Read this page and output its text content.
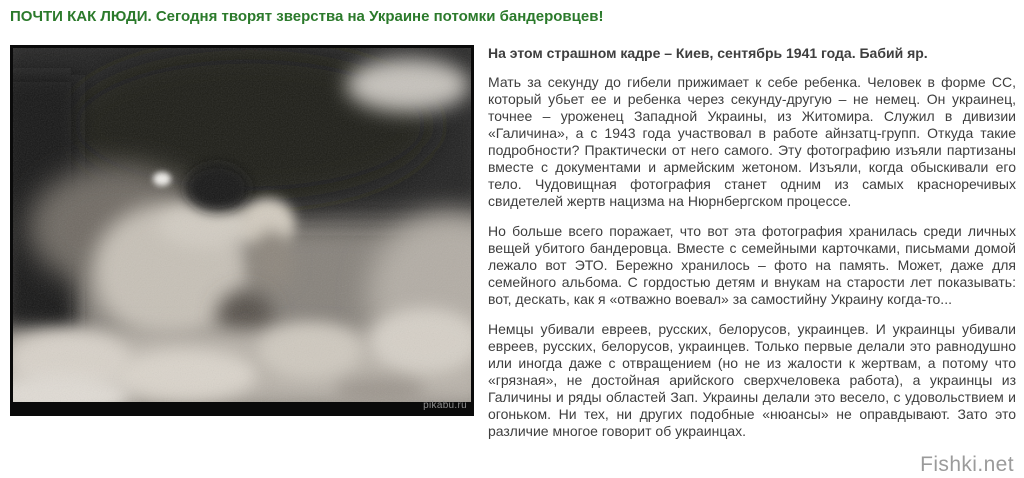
ПОЧТИ КАК ЛЮДИ. Сегодня творят зверства на Украине потомки бандеровцев!
pikabu.ru

На этом страшном кадре – Киев, сентябрь 1941 года. Бабий яр.

Мать за секунду до гибели прижимает к себе ребенка. Человек в форме СС, который убьет ее и ребенка через секунду-другую – не немец. Он украинец, точнее – уроженец Западной Украины, из Житомира. Служил в дивизии «Галичина», а с 1943 года участвовал в работе айнзатц-групп. Откуда такие подробности? Практически от него самого. Эту фотографию изъяли партизаны вместе с документами и армейским жетоном. Изъяли, когда обыскивали его тело. Чудовищная фотография станет одним из самых красноречивых свидетелей жертв нацизма на Нюрнбергском процессе.

Но больше всего поражает, что вот эта фотография хранилась среди личных вещей убитого бандеровца. Вместе с семейными карточками, письмами домой лежало вот ЭТО. Бережно хранилось – фото на память. Может, даже для семейного альбома. С гордостью детям и внукам на старости лет показывать: вот, дескать, как я «отважно воевал» за самостийну Украину когда-то...

Немцы убивали евреев, русских, белорусов, украинцев. И украинцы убивали евреев, русских, белорусов, украинцев. Только первые делали это равнодушно или иногда даже с отвращением (но не из жалости к жертвам, а потому что «грязная», не достойная арийского сверхчеловека работа), а украинцы из Галичины и ряды областей Зап. Украины делали это весело, с удовольствием и огоньком. Ни тех, ни других подобные «нюансы» не оправдывают. Зато это различие многое говорит об украинцах.

Fishki.net
